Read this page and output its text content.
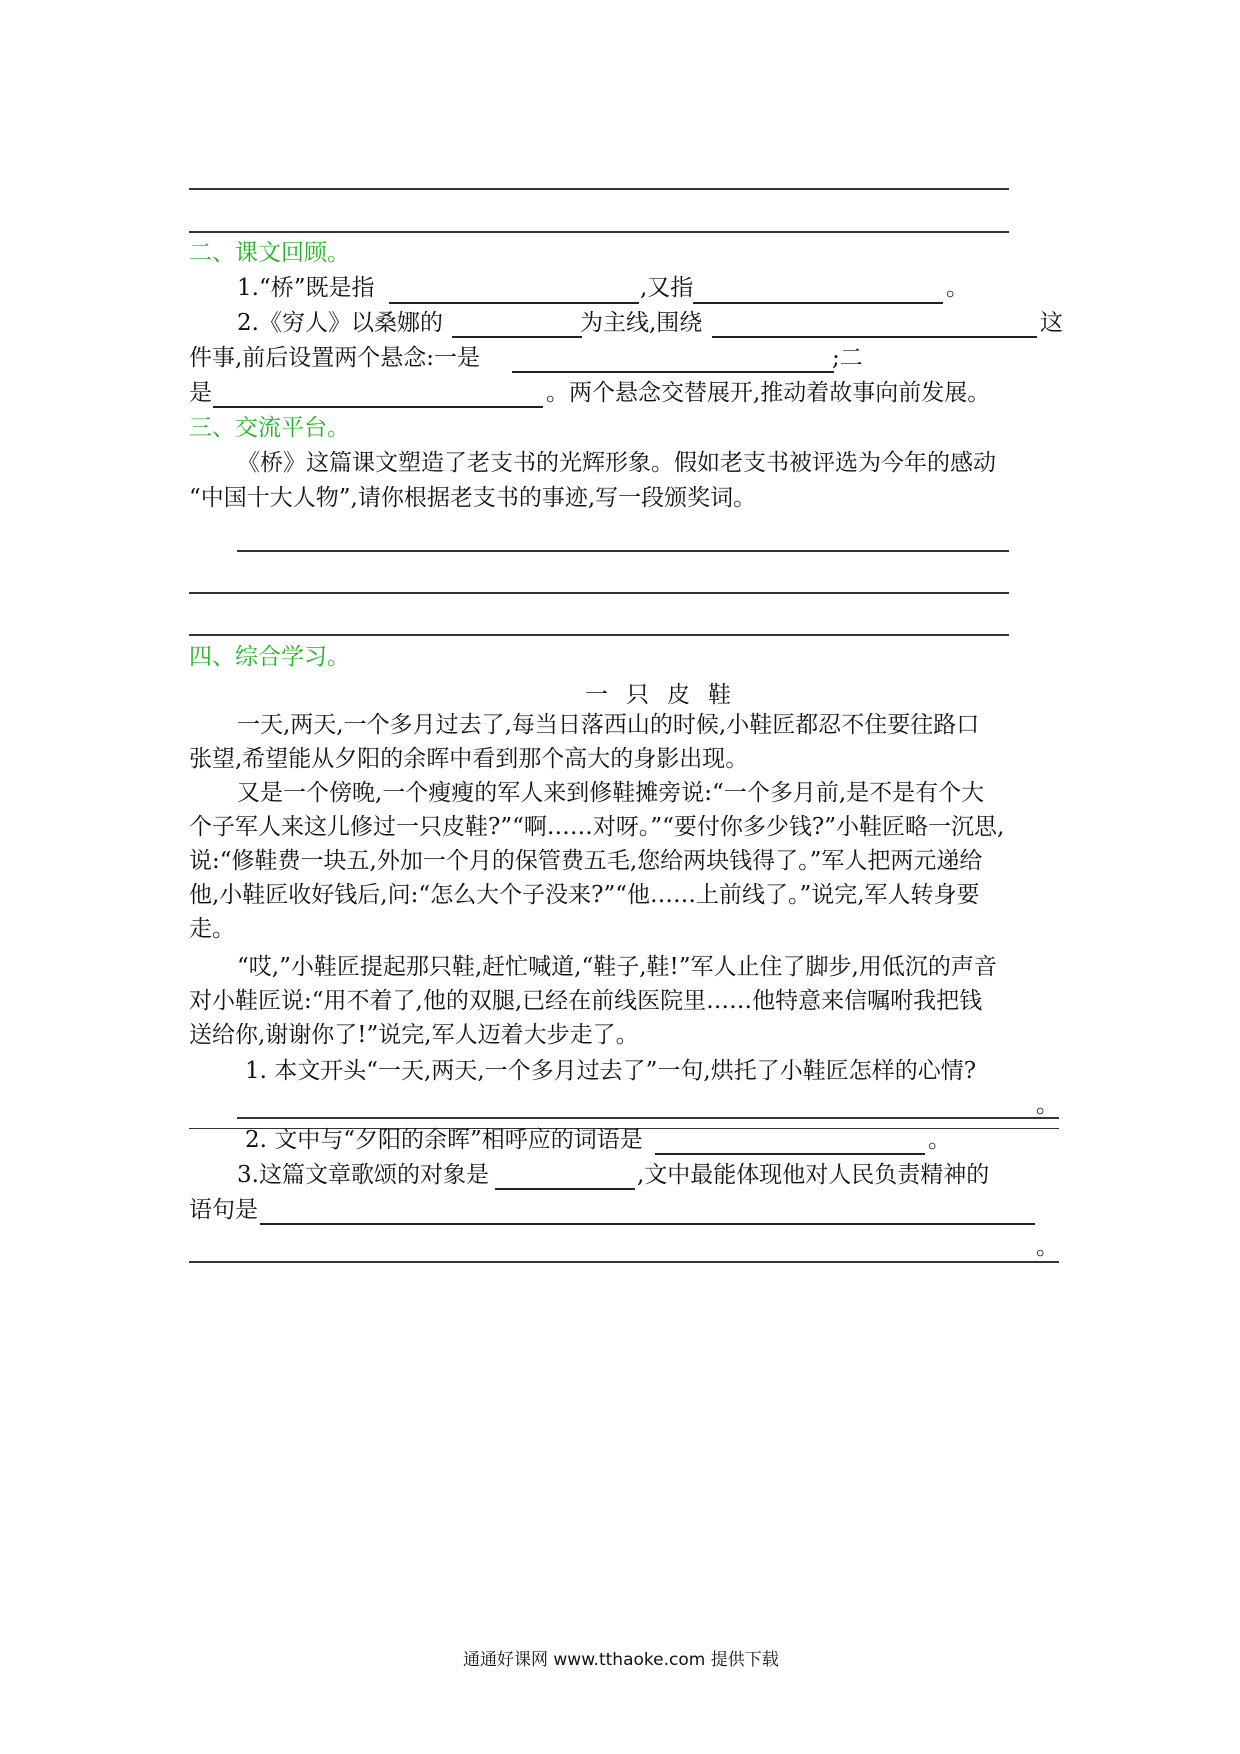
二、课文回顾。
1.“桥”既是指	,又指	。
2.《穷人》以桑娜的	为主线,围绕	这
件事,前后设置两个悬念:一是	;二
是	。两个悬念交替展开,推动着故事向前发展。
三、交流平台。
《桥》这篇课文塑造了老支书的光辉形象。假如老支书被评选为今年的感动
“中国十大人物”,请你根据老支书的事迹,写一段颁奖词。
四、综合学习。
一只皮鞋
一天,两天,一个多月过去了,每当日落西山的时候,小鞋匠都忍不住要往路口
张望,希望能从夕阳的余晖中看到那个高大的身影出现。
又是一个傍晚,一个瘦瘦的军人来到修鞋摊旁说:“一个多月前,是不是有个大
个子军人来这儿修过一只皮鞋?”“啊……对呀。”“要付你多少钱?”小鞋匠略一沉思,
说:“修鞋费一块五,外加一个月的保管费五毛,您给两块钱得了。”军人把两元递给
他,小鞋匠收好钱后,问:“怎么大个子没来?”“他……上前线了。”说完,军人转身要
走。
“哎,”小鞋匠提起那只鞋,赶忙喊道,“鞋子,鞋!”军人止住了脚步,用低沉的声音
对小鞋匠说:“用不着了,他的双腿,已经在前线医院里……他特意来信嘱咐我把钱
送给你,谢谢你了!”说完,军人迈着大步走了。
1. 本文开头“一天,两天,一个多月过去了”一句,烘托了小鞋匠怎样的心情?
。
2. 文中与“夕阳的余晖”相呼应的词语是	。
3.这篇文章歌颂的对象是	,文中最能体现他对人民负责精神的
语句是
。
通通好课网 www.tthaoke.com 提供下载
